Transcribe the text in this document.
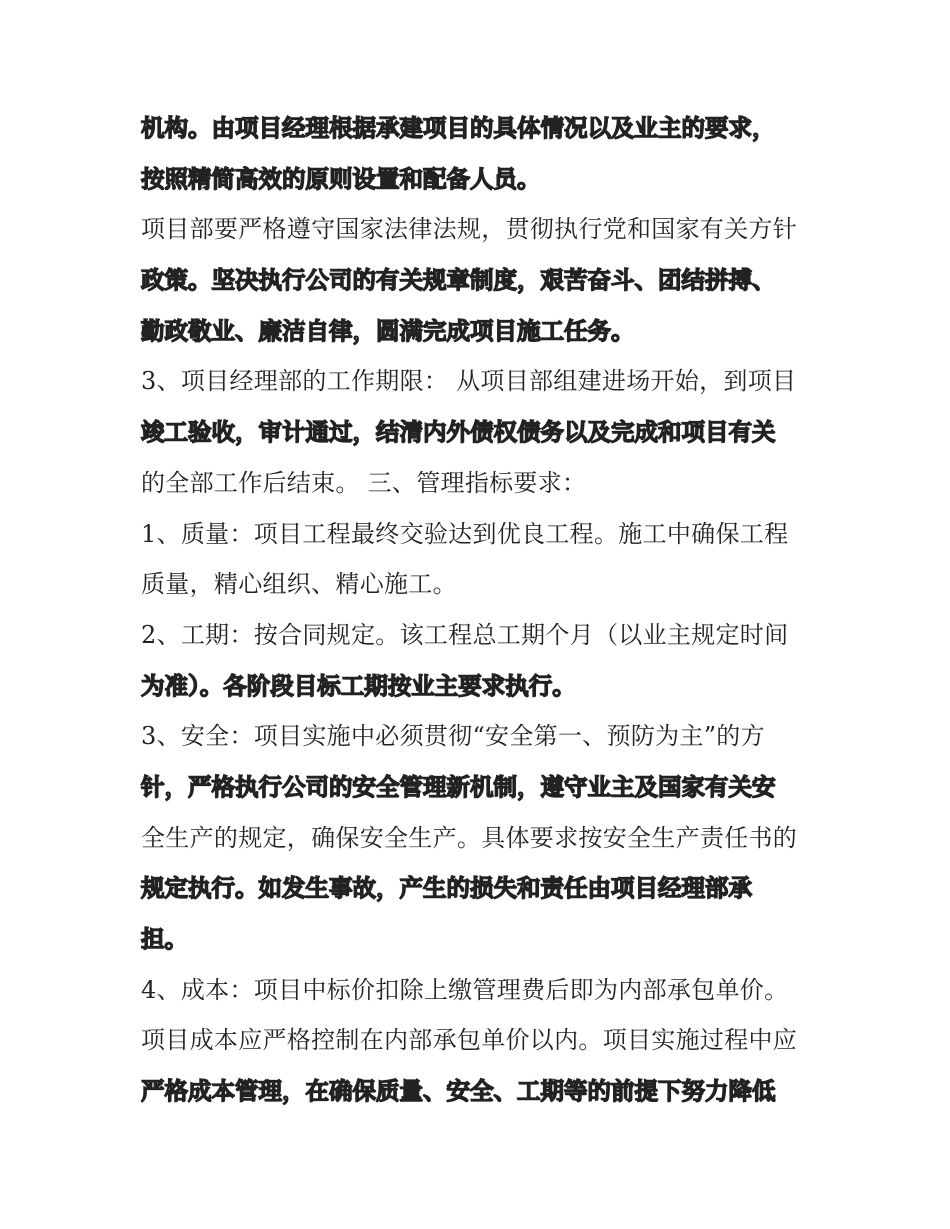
机构。由项目经理根据承建项目的具体情况以及业主的要求，
按照精简高效的原则设置和配备人员。
项目部要严格遵守国家法律法规，贯彻执行党和国家有关方针
政策。坚决执行公司的有关规章制度，艰苦奋斗、团结拼搏、
勤政敬业、廉洁自律，圆满完成项目施工任务。
3、项目经理部的工作期限： 从项目部组建进场开始，到项目
竣工验收，审计通过，结清内外债权债务以及完成和项目有关
的全部工作后结束。 三、管理指标要求：
1、质量：项目工程最终交验达到优良工程。施工中确保工程
质量，精心组织、精心施工。
2、工期：按合同规定。该工程总工期个月（以业主规定时间
为准）。各阶段目标工期按业主要求执行。
3、安全：项目实施中必须贯彻“安全第一、预防为主”的方
针，严格执行公司的安全管理新机制，遵守业主及国家有关安
全生产的规定，确保安全生产。具体要求按安全生产责任书的
规定执行。如发生事故，产生的损失和责任由项目经理部承
担。
4、成本：项目中标价扣除上缴管理费后即为内部承包单价。
项目成本应严格控制在内部承包单价以内。项目实施过程中应
严格成本管理，在确保质量、安全、工期等的前提下努力降低
